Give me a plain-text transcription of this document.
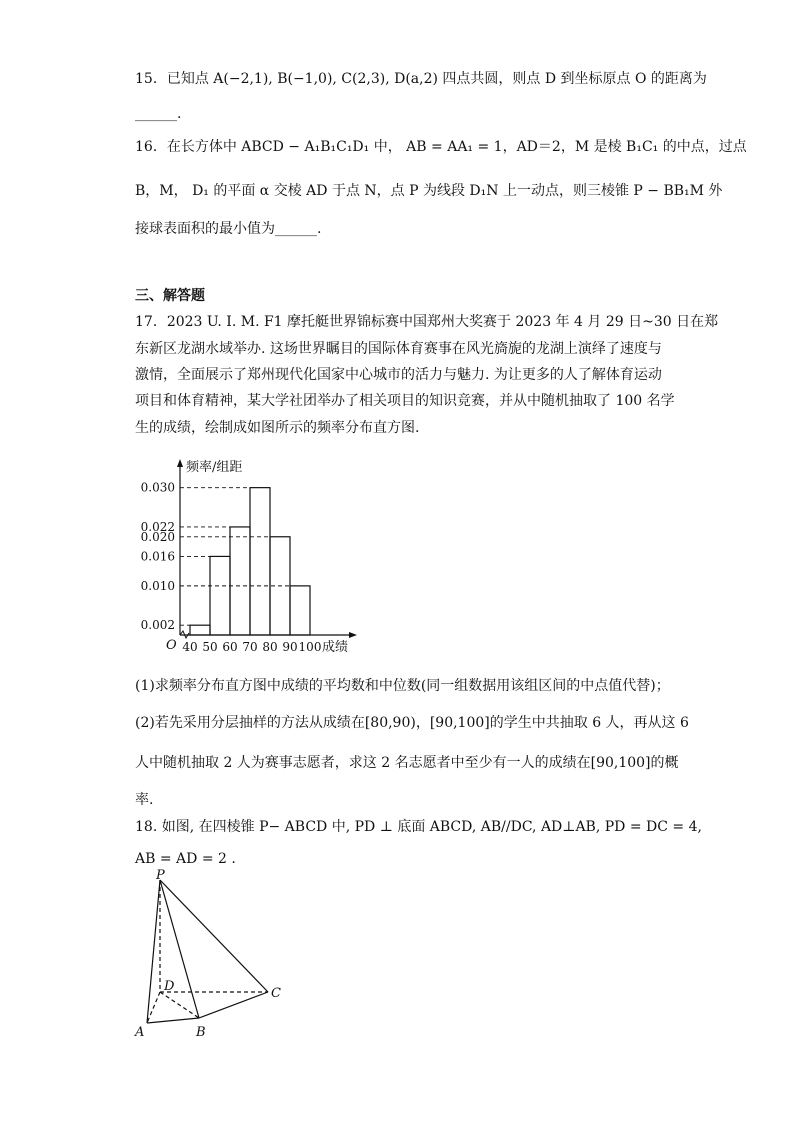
15．已知点 A(−2,1), B(−1,0), C(2,3), D(a,2) 四点共圆，则点 D 到坐标原点 O 的距离为
______.
16．在长方体中 ABCD − A₁B₁C₁D₁ 中， AB = AA₁ = 1，AD＝2，M 是棱 B₁C₁ 的中点，过点
B，M， D₁ 的平面 α 交棱 AD 于点 N，点 P 为线段 D₁N 上一动点，则三棱锥 P − BB₁M 外
接球表面积的最小值为______.
三、解答题
17．2023 U. I. M. F1 摩托艇世界锦标赛中国郑州大奖赛于 2023 年 4 月 29 日~30 日在郑
东新区龙湖水域举办. 这场世界瞩目的国际体育赛事在风光旖旎的龙湖上演绎了速度与
激情，全面展示了郑州现代化国家中心城市的活力与魅力. 为让更多的人了解体育运动
项目和体育精神，某大学社团举办了相关项目的知识竞赛，并从中随机抽取了 100 名学
生的成绩，绘制成如图所示的频率分布直方图.
0.002
0.010
0.016
0.020
0.022
0.030
40 50 60 70 80 90 100
频率/组距
成绩
O
(1)求频率分布直方图中成绩的平均数和中位数(同一组数据用该组区间的中点值代替)；
(2)若先采用分层抽样的方法从成绩在[80,90)，[90,100]的学生中共抽取 6 人，再从这 6
人中随机抽取 2 人为赛事志愿者，求这 2 名志愿者中至少有一人的成绩在[90,100]的概
率.
18. 如图, 在四棱锥 P− ABCD 中, PD ⊥ 底面 ABCD, AB//DC, AD⊥AB, PD = DC = 4,
AB = AD = 2 .
P
D	C
A	B
